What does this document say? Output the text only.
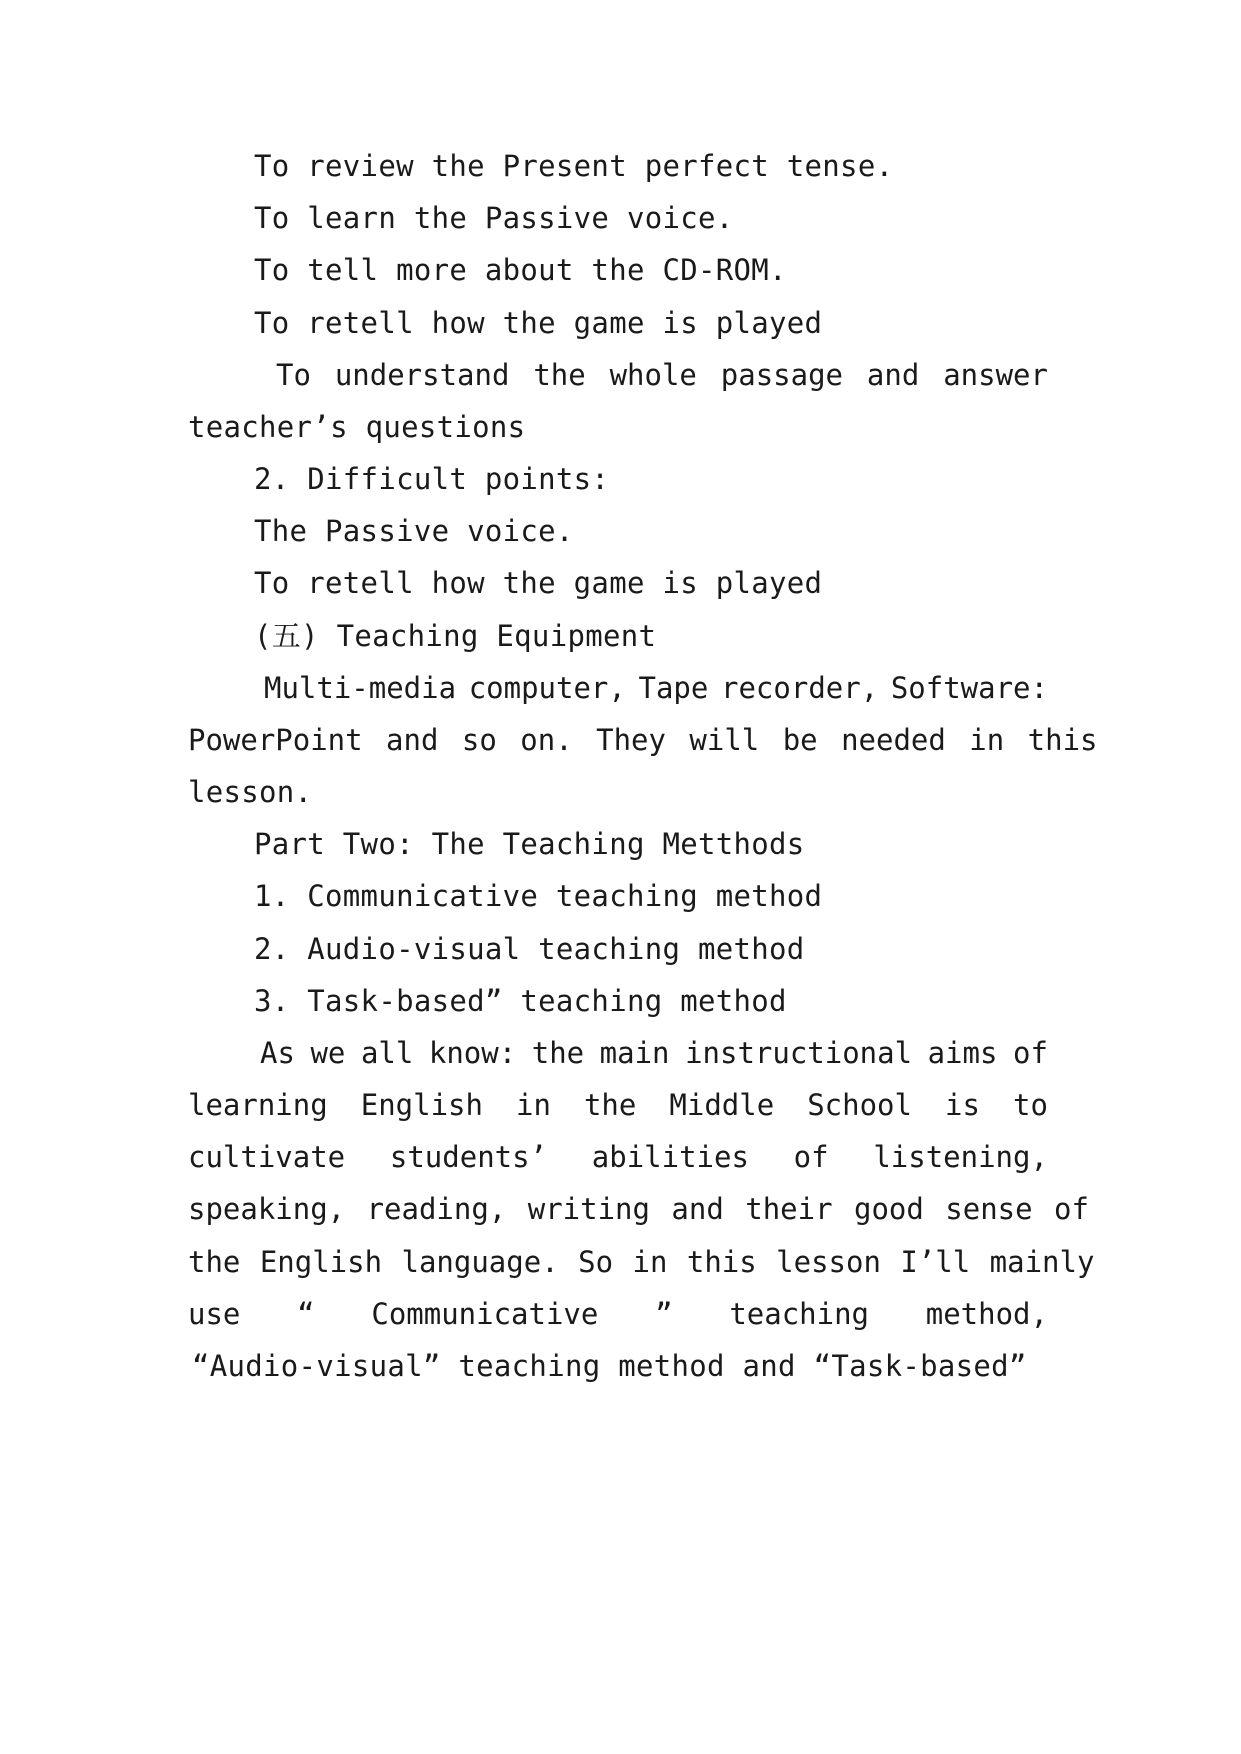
To review the Present perfect tense.
To learn the Passive voice.
To tell more about the CD-ROM.
To retell how the game is played
To understand the whole passage and answer
teacher’s questions
2. Difficult points:
The Passive voice.
To retell how the game is played
(五) Teaching Equipment
Multi-media computer, Tape recorder, Software:
PowerPoint and so on. They will be needed in this
lesson.
Part Two: The Teaching Metthods
1. Communicative teaching method
2. Audio-visual teaching method
3. Task-based” teaching method
As we all know: the main instructional aims of
learning English in the Middle School is to
cultivate students’ abilities of listening,
speaking, reading, writing and their good sense of
the English language. So in this lesson I’ll mainly
use “ Communicative ” teaching method,
“Audio-visual” teaching method and “Task-based”
